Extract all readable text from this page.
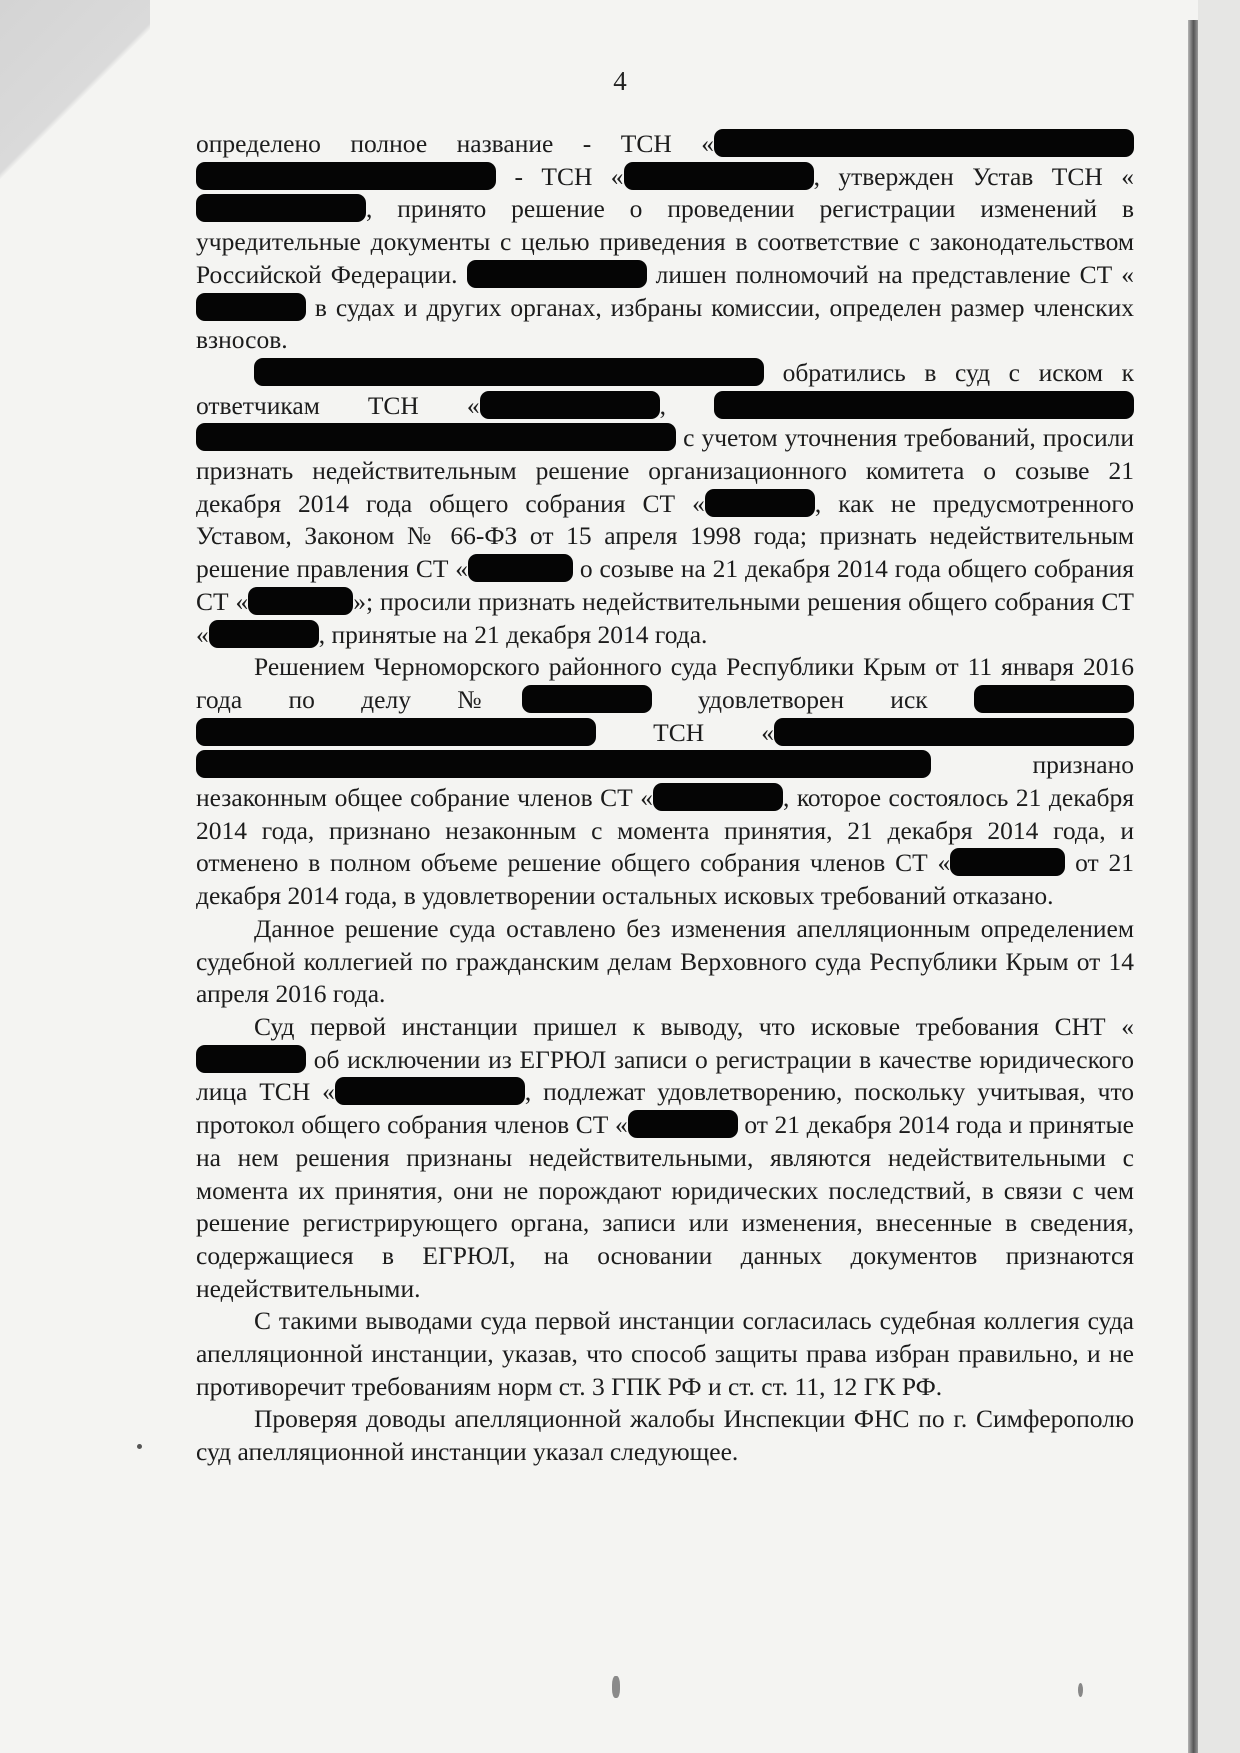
4

определено полное название - ТСН «  - ТСН «	, утвержден Устав ТСН «, принято решение о проведении регистрации изменений в учредительные документы с целью приведения в соответствие с законодательством Российской Федерации.	лишен полномочий на представление СТ « в судах и других органах, избраны комиссии, определен размер членских взносов.

обратились в суд с иском к ответчикам ТСН «	,   с учетом уточнения требований, просили признать недействительным решение организационного комитета о созыве 21 декабря 2014 года общего собрания СТ «	, как не предусмотренного Уставом, Законом № 66-ФЗ от 15 апреля 1998 года; признать недействительным решение правления СТ «	о созыве на 21 декабря 2014 года общего собрания СТ «	»; просили признать недействительными решения общего собрания СТ «	, принятые на 21 декабря 2014 года.

Решением Черноморского районного суда Республики Крым от 11 января 2016 года по делу №	удовлетворен иск   ТСН «  признано незаконным общее собрание членов СТ «	, которое состоялось 21 декабря 2014 года, признано незаконным с момента принятия, 21 декабря 2014 года, и отменено в полном объеме решение общего собрания членов СТ «	от 21 декабря 2014 года, в удовлетворении остальных исковых требований отказано.

Данное решение суда оставлено без изменения апелляционным определением судебной коллегией по гражданским делам Верховного суда Республики Крым от 14 апреля 2016 года.

Суд первой инстанции пришел к выводу, что исковые требования СНТ « об исключении из ЕГРЮЛ записи о регистрации в качестве юридического лица ТСН «	, подлежат удовлетворению, поскольку учитывая, что протокол общего собрания членов СТ «	от 21 декабря 2014 года и принятые на нем решения признаны недействительными, являются недействительными с момента их принятия, они не порождают юридических последствий, в связи с чем решение регистрирующего органа, записи или изменения, внесенные в сведения, содержащиеся в ЕГРЮЛ, на основании данных документов признаются недействительными.

С такими выводами суда первой инстанции согласилась судебная коллегия суда апелляционной инстанции, указав, что способ защиты права избран правильно, и не противоречит требованиям норм ст. 3 ГПК РФ и ст. ст. 11, 12 ГК РФ.

Проверяя доводы апелляционной жалобы Инспекции ФНС по г. Симферополю суд апелляционной инстанции указал следующее.
